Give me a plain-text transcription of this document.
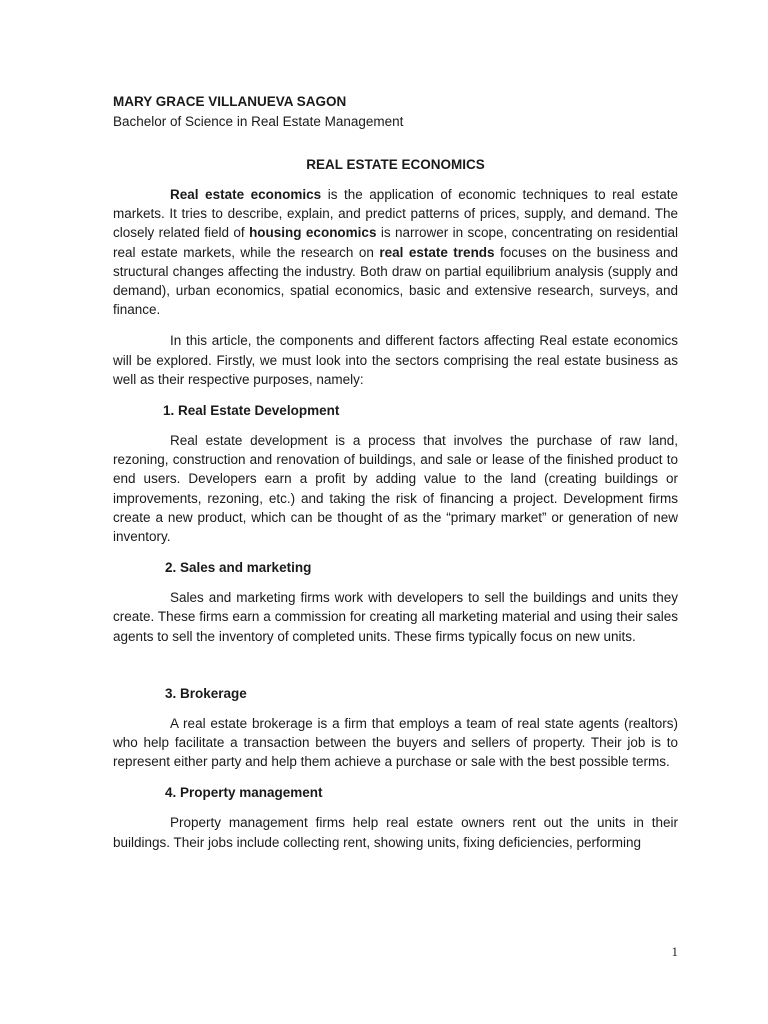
MARY GRACE VILLANUEVA SAGON

Bachelor of Science in Real Estate Management

REAL ESTATE ECONOMICS

Real estate economics is the application of economic techniques to real estate markets. It tries to describe, explain, and predict patterns of prices, supply, and demand. The closely related field of housing economics is narrower in scope, concentrating on residential real estate markets, while the research on real estate trends focuses on the business and structural changes affecting the industry. Both draw on partial equilibrium analysis (supply and demand), urban economics, spatial economics, basic and extensive research, surveys, and finance.

In this article, the components and different factors affecting Real estate economics will be explored. Firstly, we must look into the sectors comprising the real estate business as well as their respective purposes, namely:

1. Real Estate Development

Real estate development is a process that involves the purchase of raw land, rezoning, construction and renovation of buildings, and sale or lease of the finished product to end users. Developers earn a profit by adding value to the land (creating buildings or improvements, rezoning, etc.) and taking the risk of financing a project. Development firms create a new product, which can be thought of as the “primary market” or generation of new inventory.

2. Sales and marketing

Sales and marketing firms work with developers to sell the buildings and units they create. These firms earn a commission for creating all marketing material and using their sales agents to sell the inventory of completed units. These firms typically focus on new units.

3. Brokerage

A real estate brokerage is a firm that employs a team of real state agents (realtors) who help facilitate a transaction between the buyers and sellers of property. Their job is to represent either party and help them achieve a purchase or sale with the best possible terms.

4. Property management

Property management firms help real estate owners rent out the units in their buildings. Their jobs include collecting rent, showing units, fixing deficiencies, performing

1
